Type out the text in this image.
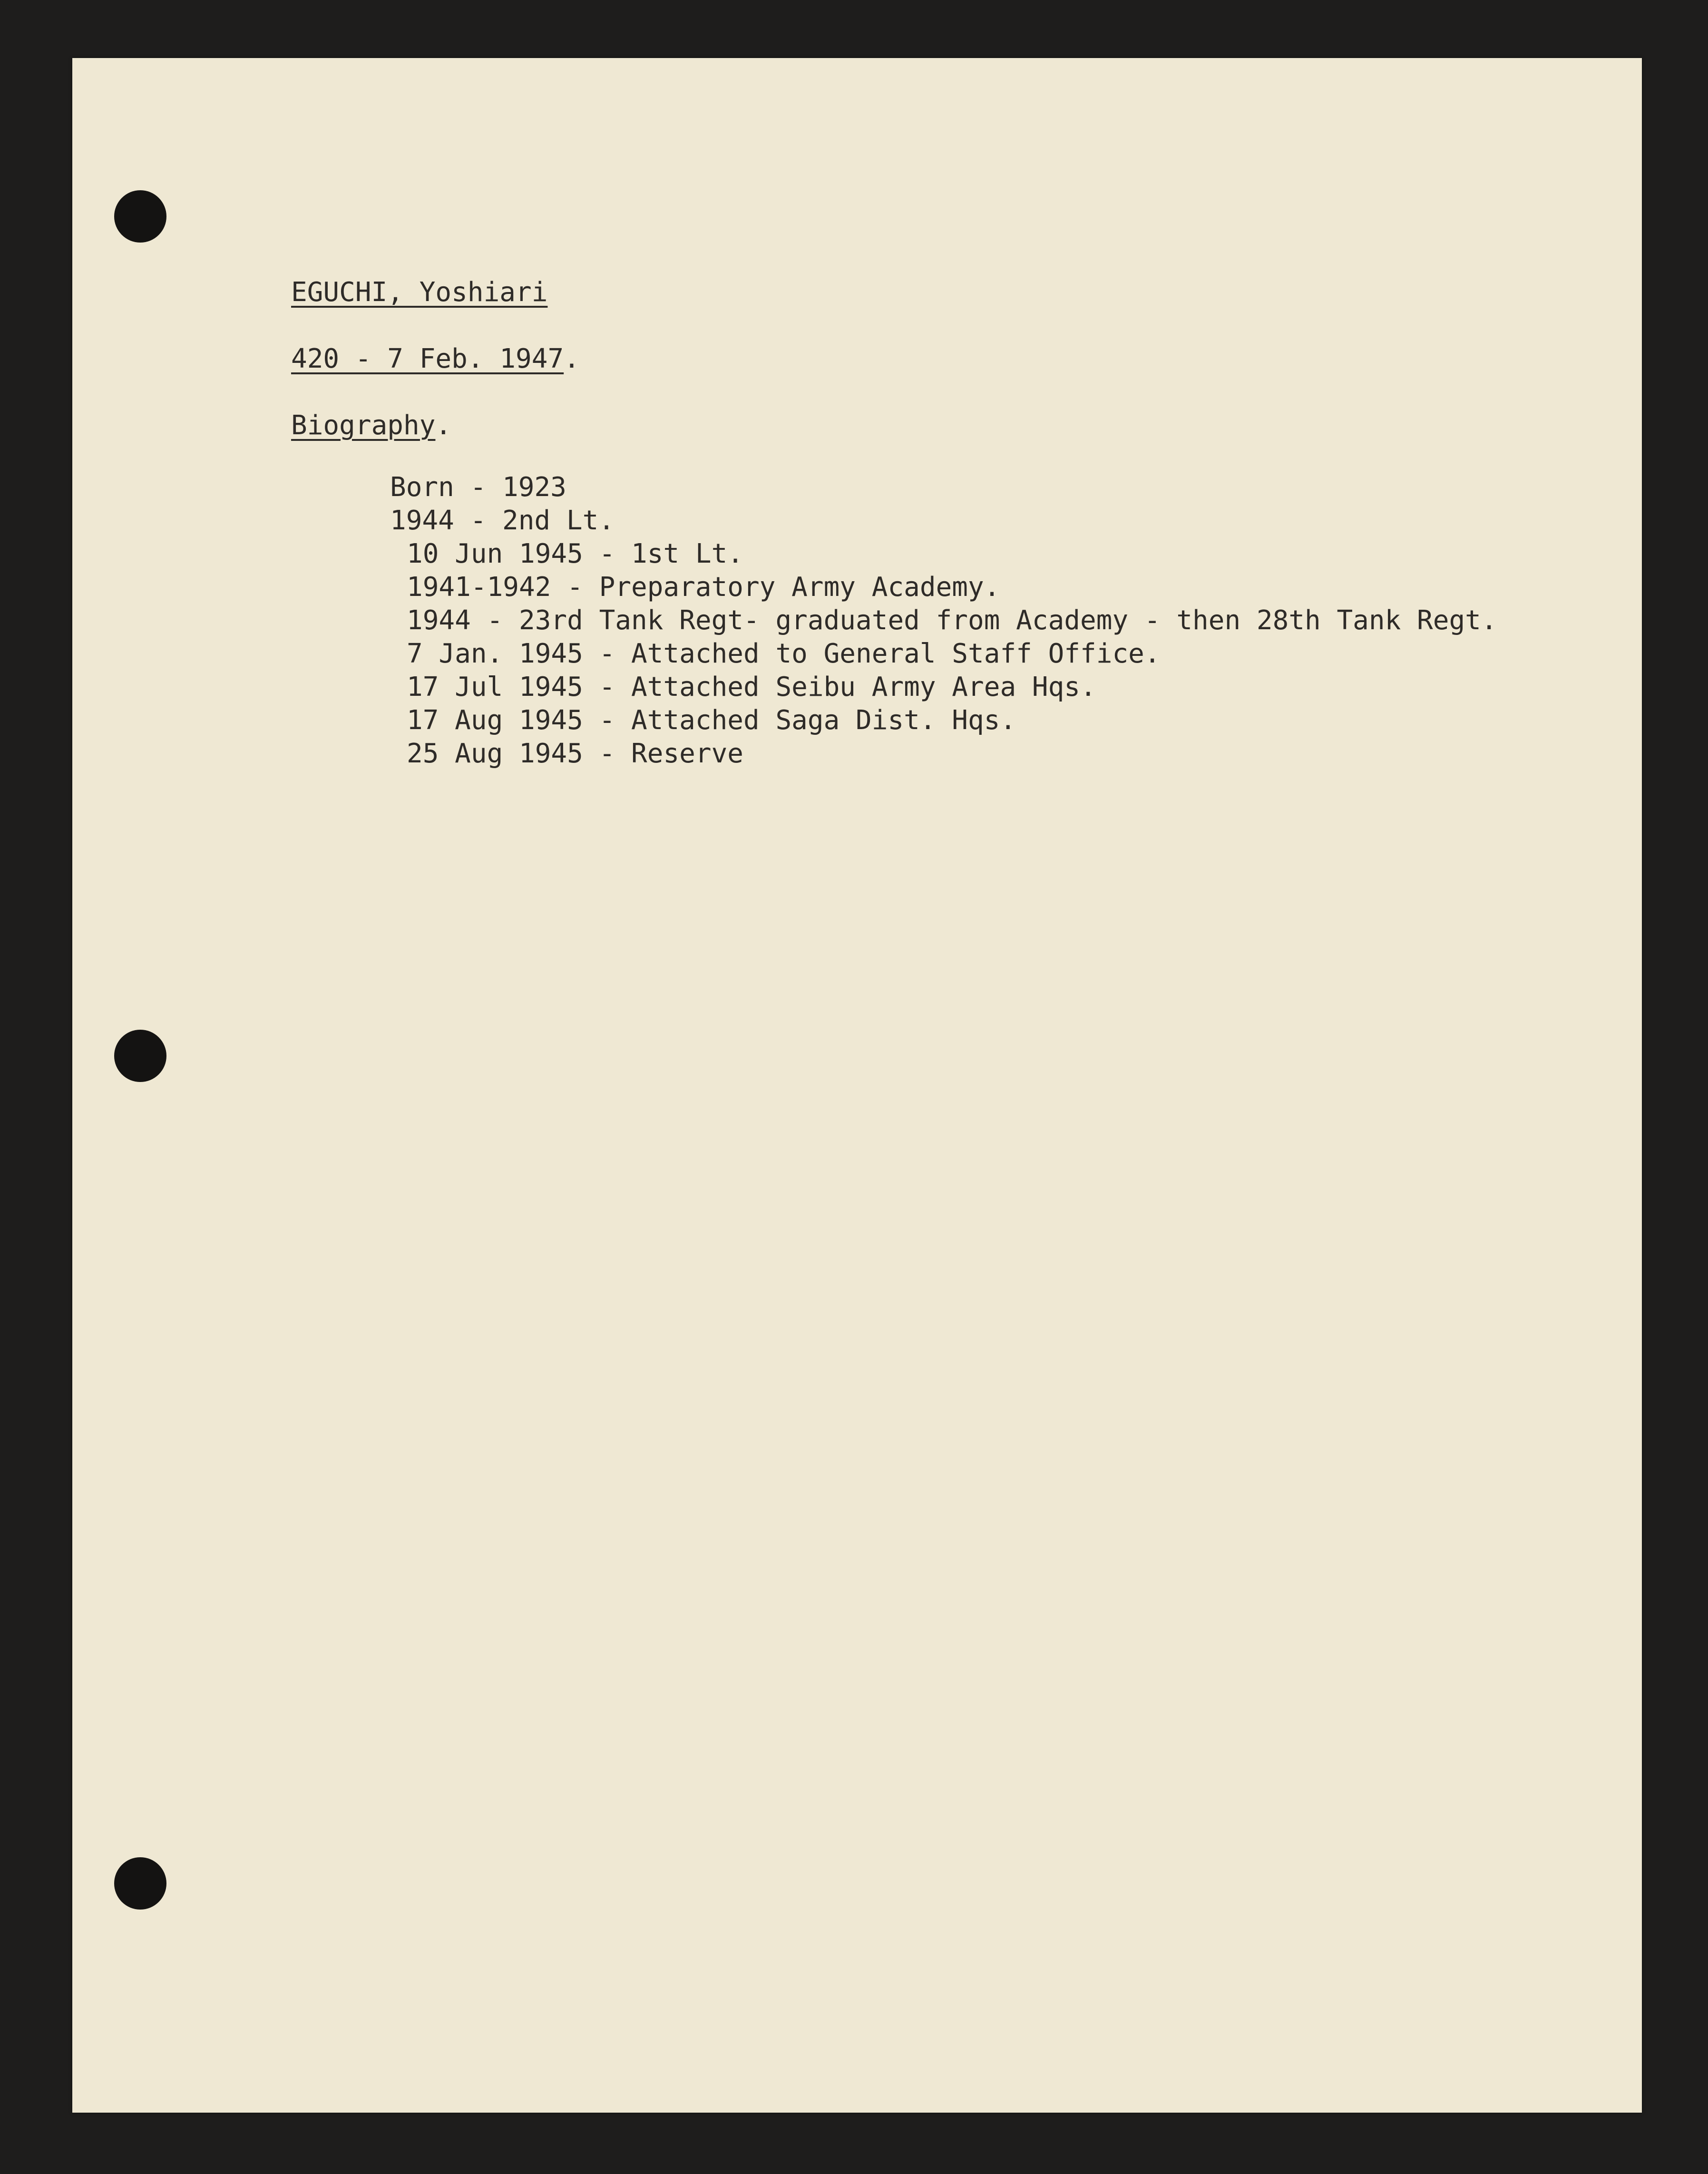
EGUCHI, Yoshiari
420 - 7 Feb. 1947.
Biography.
Born - 1923
1944 - 2nd Lt.
10 Jun 1945 - 1st Lt.
1941-1942 - Preparatory Army Academy.
1944 - 23rd Tank Regt- graduated from Academy - then 28th Tank Regt.
7 Jan. 1945 - Attached to General Staff Office.
17 Jul 1945 - Attached Seibu Army Area Hqs.
17 Aug 1945 - Attached Saga Dist. Hqs.
25 Aug 1945 - Reserve
